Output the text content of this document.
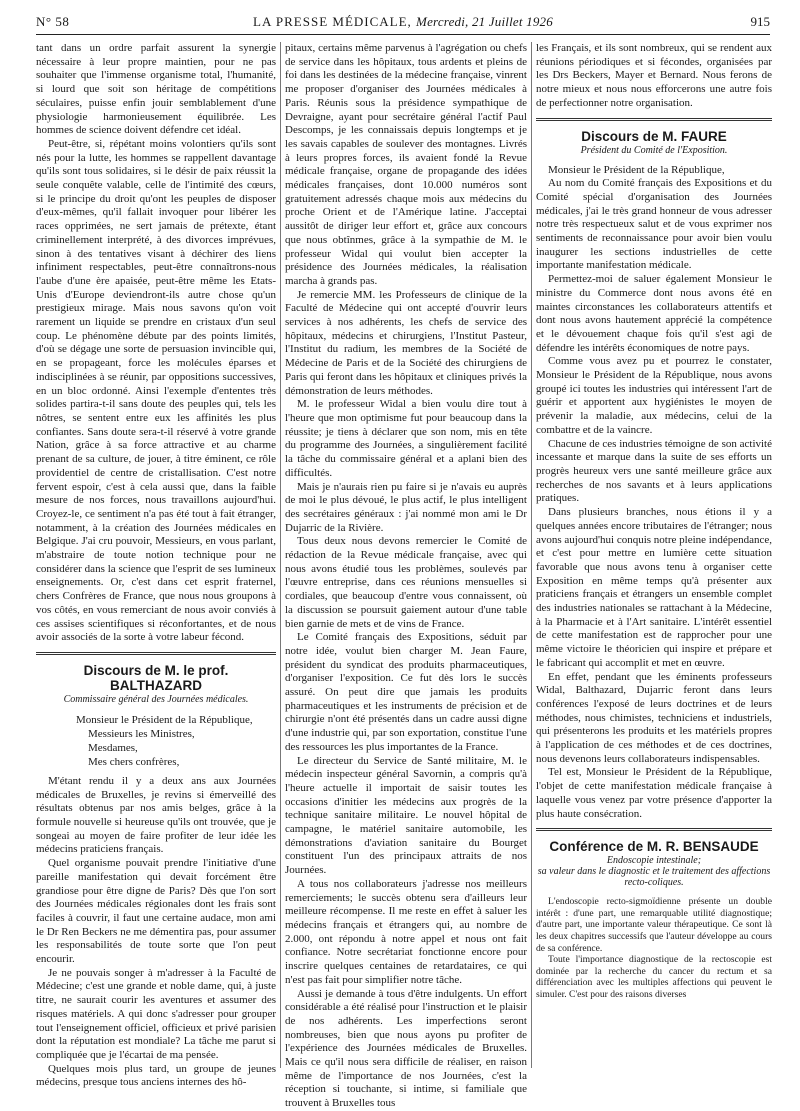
N° 58	LA PRESSE MÉDICALE, Mercredi, 21 Juillet 1926	915

tant dans un ordre parfait assurent la synergie nécessaire à leur propre maintien, pour ne pas souhaiter que l'immense organisme total, l'humanité, si lourd que soit son héritage de compétitions séculaires, puisse enfin jouir semblablement d'une physiologie harmonieusement équilibrée. Les hommes de science doivent défendre cet idéal.

Peut-être, si, répétant moins volontiers qu'ils sont nés pour la lutte, les hommes se rappellent davantage qu'ils sont tous solidaires, si le désir de paix réussit la seule conquête valable, celle de l'intimité des cœurs, si le principe du droit qu'ont les peuples de disposer d'eux-mêmes, qu'il fallait invoquer pour libérer les races opprimées, ne sert jamais de prétexte, étant criminellement interprété, à des divorces imprévues, sinon à des tentatives visant à déchirer des liens infiniment respectables, peut-être connaîtrons-nous l'aube d'une ère apaisée, peut-être même les Etats-Unis d'Europe deviendront-ils autre chose qu'un prestigieux mirage. Mais nous savons qu'on voit rarement un liquide se prendre en cristaux d'un seul coup. Le phénomène débute par des points limités, d'où se dégage une sorte de persuasion invincible qui, en se propageant, force les molécules éparses et indisciplinées à se réunir, par oppositions successives, en un bloc ordonné. Ainsi l'exemple d'ententes très solides partira-t-il sans doute des peuples qui, tels les nôtres, se sentent entre eux les affinités les plus confiantes. Sans doute sera-t-il réservé à votre grande Nation, grâce à sa force attractive et au charme prenant de sa culture, de jouer, à titre éminent, ce rôle providentiel de centre de cristallisation. C'est notre fervent espoir, c'est à cela aussi que, dans la faible mesure de nos forces, nous travaillons aujourd'hui. Croyez-le, ce sentiment n'a pas été tout à fait étranger, notamment, à la création des Journées médicales en Belgique. J'ai cru pouvoir, Messieurs, en vous parlant, m'abstraire de toute notion technique pour ne considérer dans la science que l'esprit de ses lumineux enseignements. Or, c'est dans cet esprit fraternel, chers Confrères de France, que nous nous groupons à vos côtés, en vous remerciant de nous avoir conviés à ces assises scientifiques si réconfortantes, et de nous avoir associés de la sorte à votre labeur fécond.

Discours de M. le prof. BALTHAZARD
Commissaire général des Journées médicales.
Monsieur le Président de la République,
Messieurs les Ministres,
Mesdames,
Mes chers confrères,

M'étant rendu il y a deux ans aux Journées médicales de Bruxelles, je revins si émerveillé des résultats obtenus par nos amis belges, grâce à la formule nouvelle si heureuse qu'ils ont trouvée, que je songeai au moyen de faire profiter de leur idée les médecins praticiens français.

Quel organisme pouvait prendre l'initiative d'une pareille manifestation qui devait forcément être grandiose pour être digne de Paris? Dès que l'on sort des Journées médicales régionales dont les frais sont faciles à couvrir, il faut une certaine audace, mon ami le Dr Ren Beckers ne me démentira pas, pour assumer les responsabilités de toute sorte que l'on peut encourir.

Je ne pouvais songer à m'adresser à la Faculté de Médecine; c'est une grande et noble dame, qui, à juste titre, ne saurait courir les aventures et assumer des risques matériels. A qui donc s'adresser pour grouper tout l'enseignement officiel, officieux et privé parisien dont la réputation est mondiale? La tâche me parut si compliquée que je l'écartai de ma pensée.

Quelques mois plus tard, un groupe de jeunes médecins, presque tous anciens internes des hô-

pitaux, certains même parvenus à l'agrégation ou chefs de service dans les hôpitaux, tous ardents et pleins de foi dans les destinées de la médecine française, vinrent me proposer d'organiser des Journées médicales à Paris. Réunis sous la présidence sympathique de Devraigne, ayant pour secrétaire général l'actif Paul Descomps, je les connaissais depuis longtemps et je les savais capables de soulever des montagnes. Livrés à leurs propres forces, ils avaient fondé la Revue médicale française, organe de propagande des idées médicales françaises, dont 10.000 numéros sont gratuitement adressés chaque mois aux médecins du proche Orient et de l'Amérique latine. J'acceptai aussitôt de diriger leur effort et, grâce aux concours que nous obtînmes, grâce à la sympathie de M. le professeur Widal qui voulut bien accepter la présidence des Journées médicales, la réalisation marcha à grands pas.

Je remercie MM. les Professeurs de clinique de la Faculté de Médecine qui ont accepté d'ouvrir leurs services à nos adhérents, les chefs de service des hôpitaux, médecins et chirurgiens, l'Institut Pasteur, l'Institut du radium, les membres de la Société de Médecine de Paris et de la Société des chirurgiens de Paris qui feront dans les hôpitaux et cliniques privés la démonstration de leurs méthodes.

M. le professeur Widal a bien voulu dire tout à l'heure que mon optimisme fut pour beaucoup dans la réussite; je tiens à déclarer que son nom, mis en tête du programme des Journées, a singulièrement facilité la tâche du commissaire général et a aplani bien des difficultés.

Mais je n'aurais rien pu faire si je n'avais eu auprès de moi le plus dévoué, le plus actif, le plus intelligent des secrétaires généraux : j'ai nommé mon ami le Dr Dujarric de la Rivière.

Tous deux nous devons remercier le Comité de rédaction de la Revue médicale française, avec qui nous avons étudié tous les problèmes, soulevés par l'œuvre entreprise, dans ces réunions mensuelles si cordiales, que beaucoup d'entre vous connaissent, où la discussion se poursuit gaiement autour d'une table bien garnie de mets et de vins de France.

Le Comité français des Expositions, séduit par notre idée, voulut bien charger M. Jean Faure, président du syndicat des produits pharmaceutiques, d'organiser l'exposition. Ce fut dès lors le succès assuré. On peut dire que jamais les produits pharmaceutiques et les instruments de précision et de chirurgie n'ont été présentés dans un cadre aussi digne d'une industrie qui, par son exportation, constitue l'une des ressources les plus importantes de la France.

Le directeur du Service de Santé militaire, M. le médecin inspecteur général Savornin, a compris qu'à l'heure actuelle il importait de saisir toutes les occasions d'initier les médecins aux progrès de la technique sanitaire militaire. Le nouvel hôpital de campagne, le matériel sanitaire automobile, les démonstrations d'aviation sanitaire du Bourget constituent l'un des principaux attraits de nos Journées.

A tous nos collaborateurs j'adresse nos meilleurs remerciements; le succès obtenu sera d'ailleurs leur meilleure récompense. Il me reste en effet à saluer les médecins français et étrangers qui, au nombre de 2.000, ont répondu à notre appel et nous ont fait confiance. Notre secrétariat fonctionne encore pour inscrire quelques centaines de retardataires, ce qui n'est pas fait pour simplifier notre tâche.

Aussi je demande à tous d'être indulgents. Un effort considérable a été réalisé pour l'instruction et le plaisir de nos adhérents. Les imperfections seront nombreuses, bien que nous ayons pu profiter de l'expérience des Journées médicales de Bruxelles. Mais ce qu'il nous sera difficile de réaliser, en raison même de l'importance de nos Journées, c'est la réception si touchante, si intime, si familiale que trouvent à Bruxelles tous

les Français, et ils sont nombreux, qui se rendent aux réunions périodiques et si fécondes, organisées par les Drs Beckers, Mayer et Bernard. Nous ferons de notre mieux et nous nous efforcerons une autre fois de perfectionner notre organisation.

Discours de M. FAURE
Président du Comité de l'Exposition.

Monsieur le Président de la République,

Au nom du Comité français des Expositions et du Comité spécial d'organisation des Journées médicales, j'ai le très grand honneur de vous adresser notre très respectueux salut et de vous exprimer nos sentiments de reconnaissance pour avoir bien voulu inaugurer les sections industrielles de cette importante manifestation médicale.

Permettez-moi de saluer également Monsieur le ministre du Commerce dont nous avons été en maintes circonstances les collaborateurs attentifs et dont nous avons hautement apprécié la compétence et le dévouement chaque fois qu'il s'est agi de défendre les intérêts économiques de notre pays.

Comme vous avez pu et pourrez le constater, Monsieur le Président de la République, nous avons groupé ici toutes les industries qui intéressent l'art de guérir et apportent aux hygiénistes le moyen de prévenir la maladie, aux médecins, celui de la combattre et de la vaincre.

Chacune de ces industries témoigne de son activité incessante et marque dans la suite de ses efforts un progrès heureux vers une santé meilleure grâce aux recherches de nos savants et à leurs applications pratiques.

Dans plusieurs branches, nous étions il y a quelques années encore tributaires de l'étranger; nous avons aujourd'hui conquis notre pleine indépendance, et c'est pour mettre en lumière cette situation favorable que nous avons tenu à organiser cette Exposition en même temps qu'à présenter aux praticiens français et étrangers un ensemble complet des industries nationales se rattachant à la Médecine, à la Pharmacie et à l'Art sanitaire. L'intérêt essentiel de cette manifestation est de rapprocher pour une même victoire le théoricien qui inspire et prépare et le fabricant qui accomplit et met en œuvre.

En effet, pendant que les éminents professeurs Widal, Balthazard, Dujarric feront dans leurs conférences l'exposé de leurs doctrines et de leurs méthodes, nous chimistes, techniciens et industriels, qui présenterons les produits et les matériels propres à l'application de ces méthodes et de ces doctrines, nous devenons leurs collaborateurs indispensables.

Tel est, Monsieur le Président de la République, l'objet de cette manifestation médicale française à laquelle vous venez par votre présence d'apporter la plus haute consécration.

Conférence de M. R. BENSAUDE
Endoscopie intestinale;
sa valeur dans le diagnostic et le traitement des affections recto-coliques.

L'endoscopie recto-sigmoïdienne présente un double intérêt : d'une part, une remarquable utilité diagnostique; d'autre part, une importante valeur thérapeutique. Ce sont là les deux chapitres successifs que l'auteur développe au cours de sa conférence.

Toute l'importance diagnostique de la rectoscopie est dominée par la recherche du cancer du rectum et sa différenciation avec les multiples affections qui peuvent le simuler. C'est pour des raisons diverses
